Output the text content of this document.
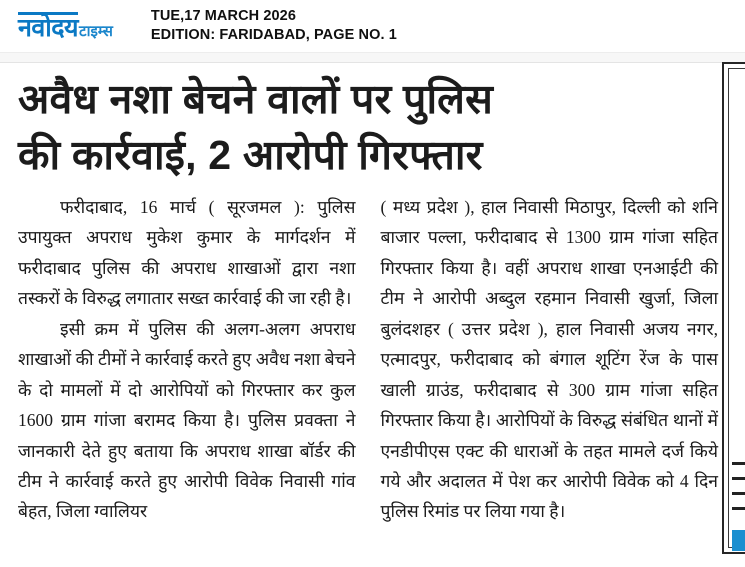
नवोदय टाइम्स
TUE,17 MARCH 2026
EDITION: FARIDABAD, PAGE NO. 1
अवैध नशा बेचने वालों पर पुलिस
की कार्रवाई, 2 आरोपी गिरफ्तार

फरीदाबाद, 16 मार्च ( सूरजमल ): पुलिस उपायुक्त अपराध मुकेश कुमार के मार्गदर्शन में फरीदाबाद पुलिस की अपराध शाखाओं द्वारा नशा तस्करों के विरुद्ध लगातार सख्त कार्रवाई की जा रही है।

इसी क्रम में पुलिस की अलग-अलग अपराध शाखाओं की टीमों ने कार्रवाई करते हुए अवैध नशा बेचने के दो मामलों में दो आरोपियों को गिरफ्तार कर कुल 1600 ग्राम गांजा बरामद किया है। पुलिस प्रवक्ता ने जानकारी देते हुए बताया कि अपराध शाखा बॉर्डर की टीम ने कार्रवाई करते हुए आरोपी विवेक निवासी गांव बेहत, जिला ग्वालियर

( मध्य प्रदेश ), हाल निवासी मिठापुर, दिल्ली को शनि बाजार पल्ला, फरीदाबाद से 1300 ग्राम गांजा सहित गिरफ्तार किया है। वहीं अपराध शाखा एनआईटी की टीम ने आरोपी अब्दुल रहमान निवासी खुर्जा, जिला बुलंदशहर ( उत्तर प्रदेश ), हाल निवासी अजय नगर, एत्मादपुर, फरीदाबाद को बंगाल शूटिंग रेंज के पास खाली ग्राउंड, फरीदाबाद से 300 ग्राम गांजा सहित गिरफ्तार किया है। आरोपियों के विरुद्ध संबंधित थानों में एनडीपीएस एक्ट की धाराओं के तहत मामले दर्ज किये गये और अदालत में पेश कर आरोपी विवेक को 4 दिन पुलिस रिमांड पर लिया गया है।
